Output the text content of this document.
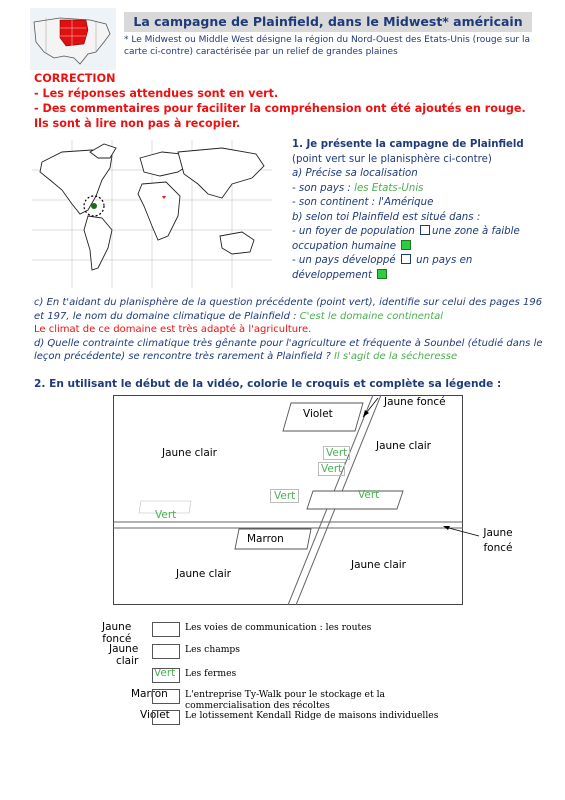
La campagne de Plainfield, dans le Midwest* américain
* Le Midwest ou Middle West désigne la région du Nord-Ouest des Etats-Unis (rouge sur la carte ci-contre) caractérisée par un relief de grandes plaines
CORRECTION
- Les réponses attendues sont en vert.
- Des commentaires pour faciliter la compréhension ont été ajoutés en rouge.
Ils sont à lire non pas à recopier.
1. Je présente la campagne de Plainfield
(point vert sur le planisphère ci-contre)
a) Précise sa localisation
- son pays : les Etats-Unis
- son continent : l'Amérique
b) selon toi Plainfield est situé dans :
- un foyer de population une zone à faible occupation humaine
- un pays développé un pays en développement
c) En t'aidant du planisphère de la question précédente (point vert), identifie sur celui des pages 196 et 197, le nom du domaine climatique de Plainfield : C'est le domaine continental
Le climat de ce domaine est très adapté à l'agriculture.
d) Quelle contrainte climatique très gênante pour l'agriculture et fréquente à Sounbel (étudié dans le leçon précédente) se rencontre très rarement à Plainfield ? Il s'agit de la sécheresse
2. En utilisant le début de la vidéo, colorie le croquis et complète sa légende :
Violet
Jaune foncé
Jaune clair
Jaune clair
Vert
Vert
Vert	Vert
Vert
Marron
Jaune clair
Jaune clair
Jaune foncé
Jaune foncé
Les voies de communication : les routes
Jaune clair
Les champs
Vert Les fermes
Marron L'entreprise Ty-Walk pour le stockage et la commercialisation des récoltes
Violet Le lotissement Kendall Ridge de maisons individuelles
